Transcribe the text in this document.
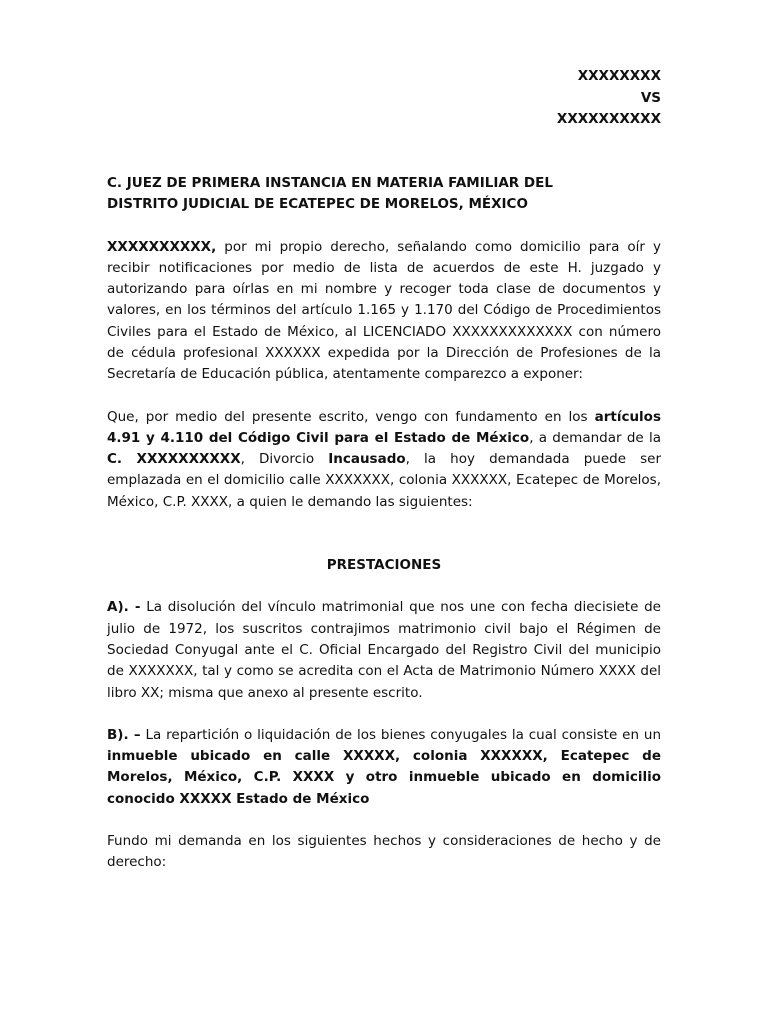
XXXXXXXX
VS
XXXXXXXXXX
C. JUEZ DE PRIMERA INSTANCIA EN MATERIA FAMILIAR DEL
DISTRITO JUDICIAL DE ECATEPEC DE MORELOS, MÉXICO

XXXXXXXXXX, por mi propio derecho, señalando como domicilio para oír y recibir notificaciones por medio de lista de acuerdos de este H. juzgado y autorizando para oírlas en mi nombre y recoger toda clase de documentos y valores, en los términos del artículo 1.165 y 1.170 del Código de Procedimientos Civiles para el Estado de México, al LICENCIADO XXXXXXXXXXXXX con número de cédula profesional XXXXXX expedida por la Dirección de Profesiones de la Secretaría de Educación pública, atentamente comparezco a exponer:

Que, por medio del presente escrito, vengo con fundamento en los artículos 4.91 y 4.110 del Código Civil para el Estado de México, a demandar de la C. XXXXXXXXXX, Divorcio Incausado, la hoy demandada puede ser emplazada en el domicilio calle XXXXXXX, colonia XXXXXX, Ecatepec de Morelos, México, C.P. XXXX, a quien le demando las siguientes:

PRESTACIONES

A). - La disolución del vínculo matrimonial que nos une con fecha diecisiete de julio de 1972, los suscritos contrajimos matrimonio civil bajo el Régimen de Sociedad Conyugal ante el C. Oficial Encargado del Registro Civil del municipio de XXXXXXX, tal y como se acredita con el Acta de Matrimonio Número XXXX del libro XX; misma que anexo al presente escrito.

B). – La repartición o liquidación de los bienes conyugales la cual consiste en un inmueble ubicado en calle XXXXX, colonia XXXXXX, Ecatepec de Morelos, México, C.P. XXXX y otro inmueble ubicado en domicilio conocido XXXXX Estado de México

Fundo mi demanda en los siguientes hechos y consideraciones de hecho y de derecho:
